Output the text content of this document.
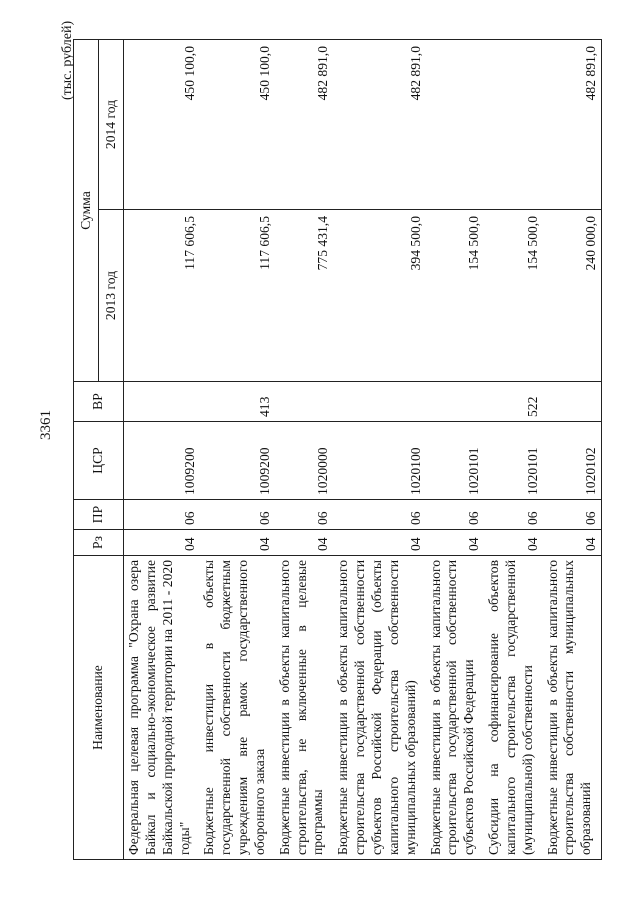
3361
(тыс. рублей)
Наименование	Рз	ПР	ЦСР	ВР	Сумма	
					2013 год	2014 год
Федеральная целевая программа "Охрана озера Байкал и социально-экономическое развитие Байкальской природной территории на 2011 - 2020 годы"	04	06	1009200		117 606,5	450 100,0
Бюджетные инвестиции в объекты государственной собственности бюджетным учреждениям вне рамок государственного оборонного заказа	04	06	1009200	413	117 606,5	450 100,0
Бюджетные инвестиции в объекты капитального строительства, не включенные в целевые программы	04	06	1020000		775 431,4	482 891,0
Бюджетные инвестиции в объекты капитального строительства государственной собственности субъектов Российской Федерации (объекты капитального строительства собственности муниципальных образований)	04	06	1020100		394 500,0	482 891,0
Бюджетные инвестиции в объекты капитального строительства государственной собственности субъектов Российской Федерации	04	06	1020101		154 500,0	
Субсидии на софинансирование объектов капитального строительства государственной (муниципальной) собственности	04	06	1020101	522	154 500,0	
Бюджетные инвестиции в объекты капитального строительства собственности муниципальных образований	04	06	1020102		240 000,0	482 891,0
